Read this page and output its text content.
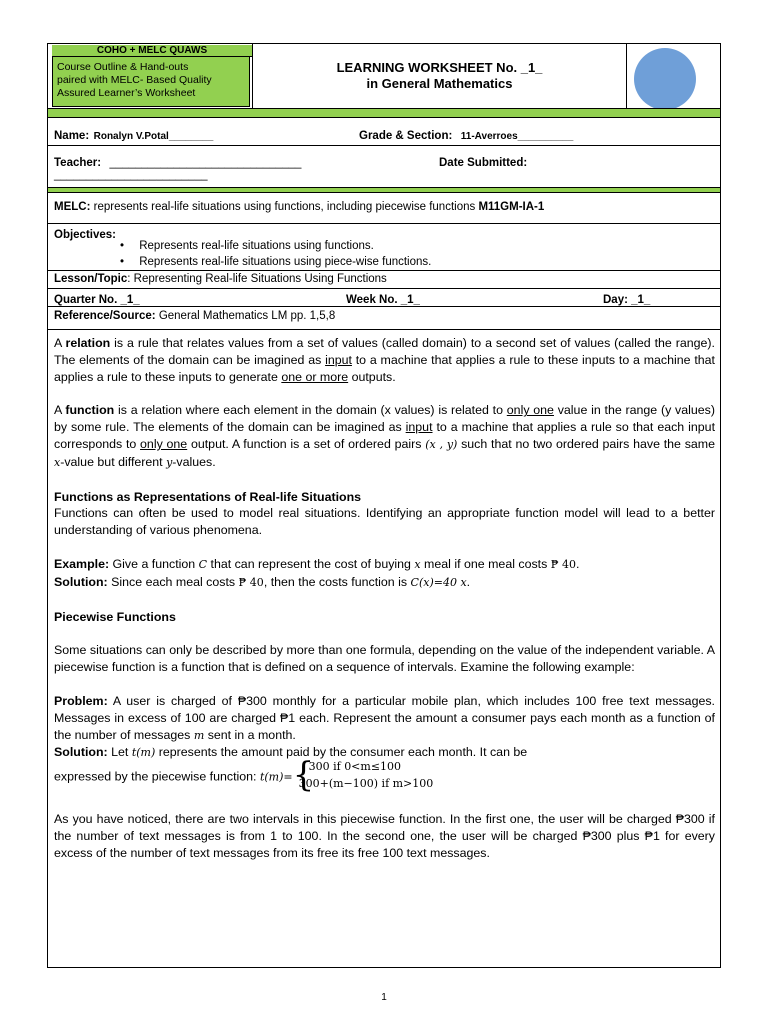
COHO + MELC QUAWS
Course Outline & Hand-outs
paired with MELC- Based Quality
Assured Learner’s Worksheet
LEARNING WORKSHEET No. _1_
in General Mathematics
Name: Ronalyn V.Potal________	Grade & Section: 11-Averroes__________
Teacher: ______________________________	Date Submitted:
________________________
MELC: represents real-life situations using functions, including piecewise functions M11GM-IA-1
Objectives:
• Represents real-life situations using functions.
• Represents real-life situations using piece-wise functions.
Lesson/Topic: Representing Real-life Situations Using Functions
Quarter No. _1_	Week No. _1_	Day: _1_
Reference/Source: General Mathematics LM pp. 1,5,8

A relation is a rule that relates values from a set of values (called domain) to a second set of values (called the range). The elements of the domain can be imagined as input to a machine that applies a rule to these inputs to a machine that applies a rule to these inputs to generate one or more outputs.

A function is a relation where each element in the domain (x values) is related to only one value in the range (y values) by some rule. The elements of the domain can be imagined as input to a machine that applies a rule so that each input corresponds to only one output. A function is a set of ordered pairs (x , y) such that no two ordered pairs have the same x-value but different y-values.

Functions as Representations of Real-life Situations

Functions can often be used to model real situations. Identifying an appropriate function model will lead to a better understanding of various phenomena.

Example: Give a function C that can represent the cost of buying x meal if one meal costs ₱ 40.

Solution: Since each meal costs ₱ 40, then the costs function is C(x)=40 x.

Piecewise Functions

Some situations can only be described by more than one formula, depending on the value of the independent variable. A piecewise function is a function that is defined on a sequence of intervals. Examine the following example:

Problem: A user is charged of ₱300 monthly for a particular mobile plan, which includes 100 free text messages. Messages in excess of 100 are charged ₱1 each. Represent the amount a consumer pays each month as a function of the number of messages m sent in a month.

Solution: Let t(m) represents the amount paid by the consumer each month. It can be

expressed by the piecewise function: t(m)= {
300 if 0<m≤100
300+(m−100) if m>100

As you have noticed, there are two intervals in this piecewise function. In the first one, the user will be charged ₱300 if the number of text messages is from 1 to 100. In the second one, the user will be charged ₱300 plus ₱1 for every excess of the number of text messages from its free its free 100 text messages.

1
